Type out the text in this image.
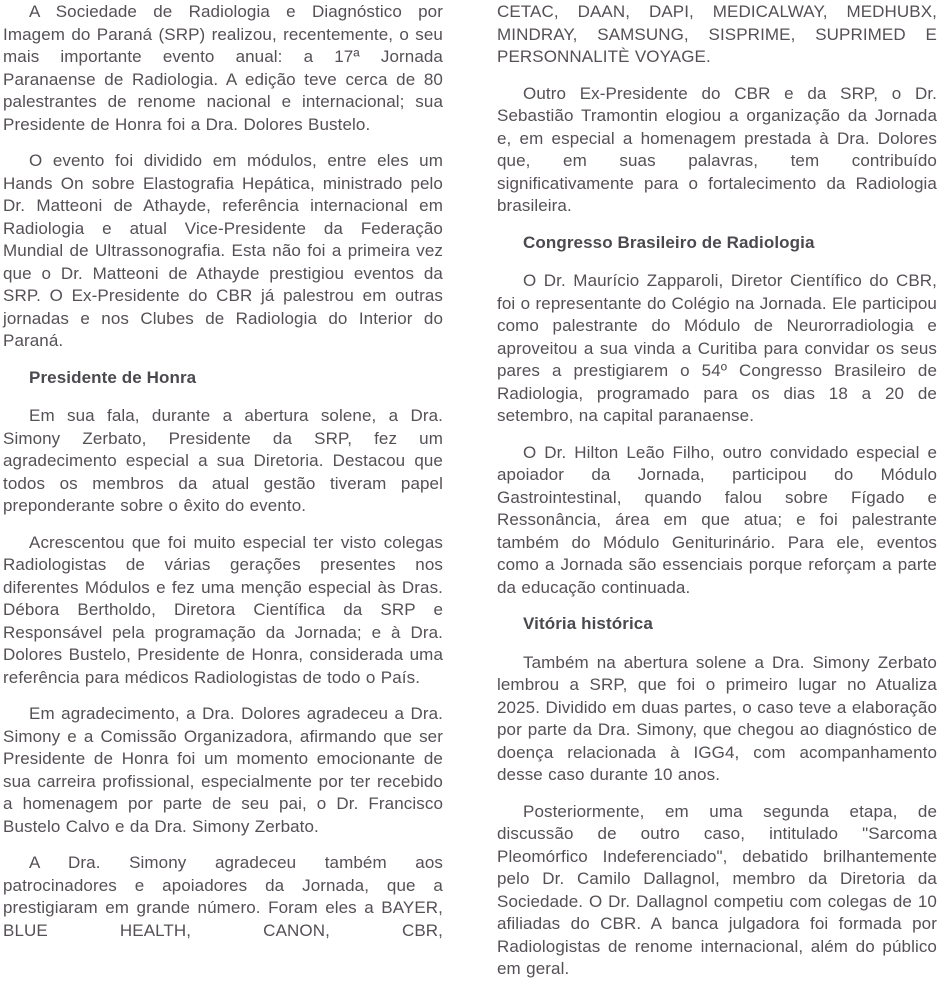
A Sociedade de Radiologia e Diagnóstico por Imagem do Paraná (SRP) realizou, recentemente, o seu mais importante evento anual: a 17ª Jornada Paranaense de Radiologia. A edição teve cerca de 80 palestrantes de renome nacional e internacional; sua Presidente de Honra foi a Dra. Dolores Bustelo.

O evento foi dividido em módulos, entre eles um Hands On sobre Elastografia Hepática, ministrado pelo Dr. Matteoni de Athayde, referência internacional em Radiologia e atual Vice-Presidente da Federação Mundial de Ultrassonografia. Esta não foi a primeira vez que o Dr. Matteoni de Athayde prestigiou eventos da SRP. O Ex-Presidente do CBR já palestrou em outras jornadas e nos Clubes de Radiologia do Interior do Paraná.

Presidente de Honra

Em sua fala, durante a abertura solene, a Dra. Simony Zerbato, Presidente da SRP, fez um agradecimento especial a sua Diretoria. Destacou que todos os membros da atual gestão tiveram papel preponderante sobre o êxito do evento.

Acrescentou que foi muito especial ter visto colegas Radiologistas de várias gerações presentes nos diferentes Módulos e fez uma menção especial às Dras. Débora Bertholdo, Diretora Científica da SRP e Responsável pela programação da Jornada; e à Dra. Dolores Bustelo, Presidente de Honra, considerada uma referência para médicos Radiologistas de todo o País.

Em agradecimento, a Dra. Dolores agradeceu a Dra. Simony e a Comissão Organizadora, afirmando que ser Presidente de Honra foi um momento emocionante de sua carreira profissional, especialmente por ter recebido a homenagem por parte de seu pai, o Dr. Francisco Bustelo Calvo e da Dra. Simony Zerbato.

A Dra. Simony agradeceu também aos patrocinadores e apoiadores da Jornada, que a prestigiaram em grande número. Foram eles a BAYER, BLUE HEALTH, CANON, CBR,

CETAC, DAAN, DAPI, MEDICALWAY, MEDHUBX, MINDRAY, SAMSUNG, SISPRIME, SUPRIMED E PERSONNALITÈ VOYAGE.

Outro Ex-Presidente do CBR e da SRP, o Dr. Sebastião Tramontin elogiou a organização da Jornada e, em especial a homenagem prestada à Dra. Dolores que, em suas palavras, tem contribuído significativamente para o fortalecimento da Radiologia brasileira.

Congresso Brasileiro de Radiologia

O Dr. Maurício Zapparoli, Diretor Científico do CBR, foi o representante do Colégio na Jornada. Ele participou como palestrante do Módulo de Neurorradiologia e aproveitou a sua vinda a Curitiba para convidar os seus pares a prestigiarem o 54º Congresso Brasileiro de Radiologia, programado para os dias 18 a 20 de setembro, na capital paranaense.

O Dr. Hilton Leão Filho, outro convidado especial e apoiador da Jornada, participou do Módulo Gastrointestinal, quando falou sobre Fígado e Ressonância, área em que atua; e foi palestrante também do Módulo Geniturinário. Para ele, eventos como a Jornada são essenciais porque reforçam a parte da educação continuada.

Vitória histórica

Também na abertura solene a Dra. Simony Zerbato lembrou a SRP, que foi o primeiro lugar no Atualiza 2025. Dividido em duas partes, o caso teve a elaboração por parte da Dra. Simony, que chegou ao diagnóstico de doença relacionada à IGG4, com acompanhamento desse caso durante 10 anos.

Posteriormente, em uma segunda etapa, de discussão de outro caso, intitulado "Sarcoma Pleomórfico Indeferenciado", debatido brilhantemente pelo Dr. Camilo Dallagnol, membro da Diretoria da Sociedade. O Dr. Dallagnol competiu com colegas de 10 afiliadas do CBR. A banca julgadora foi formada por Radiologistas de renome internacional, além do público em geral.
